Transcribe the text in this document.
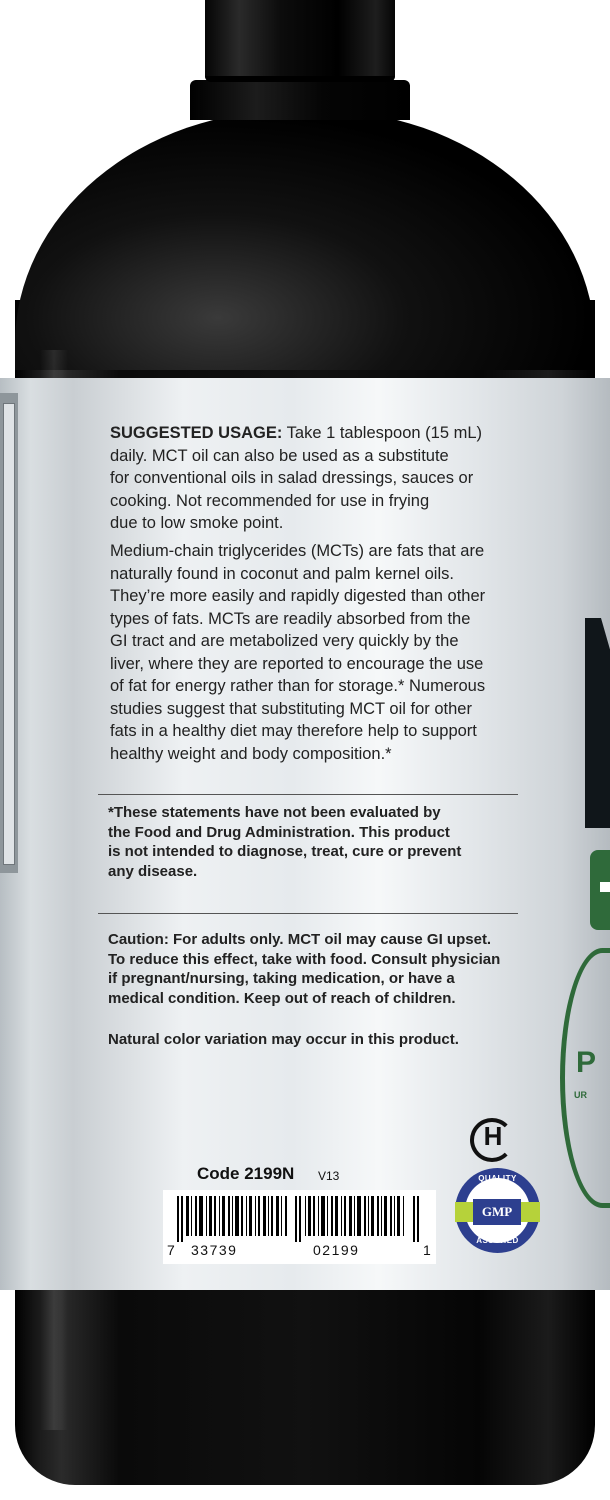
SUGGESTED USAGE: Take 1 tablespoon (15 mL)
daily. MCT oil can also be used as a substitute
for conventional oils in salad dressings, sauces or
cooking. Not recommended for use in frying
due to low smoke point.
Medium-chain triglycerides (MCTs) are fats that are
naturally found in coconut and palm kernel oils.
They’re more easily and rapidly digested than other
types of fats. MCTs are readily absorbed from the
GI tract and are metabolized very quickly by the
liver, where they are reported to encourage the use
of fat for energy rather than for storage.* Numerous
studies suggest that substituting MCT oil for other
fats in a healthy diet may therefore help to support
healthy weight and body composition.*
*These statements have not been evaluated by
the Food and Drug Administration. This product
is not intended to diagnose, treat, cure or prevent
any disease.
Caution: For adults only. MCT oil may cause GI upset.
To reduce this effect, take with food. Consult physician
if pregnant/nursing, taking medication, or have a
medical condition. Keep out of reach of children.
Natural color variation may occur in this product.
P
UR
H
GMP
QUALITY
ASSURED
Code 2199N V13
7 33739	02199	1
